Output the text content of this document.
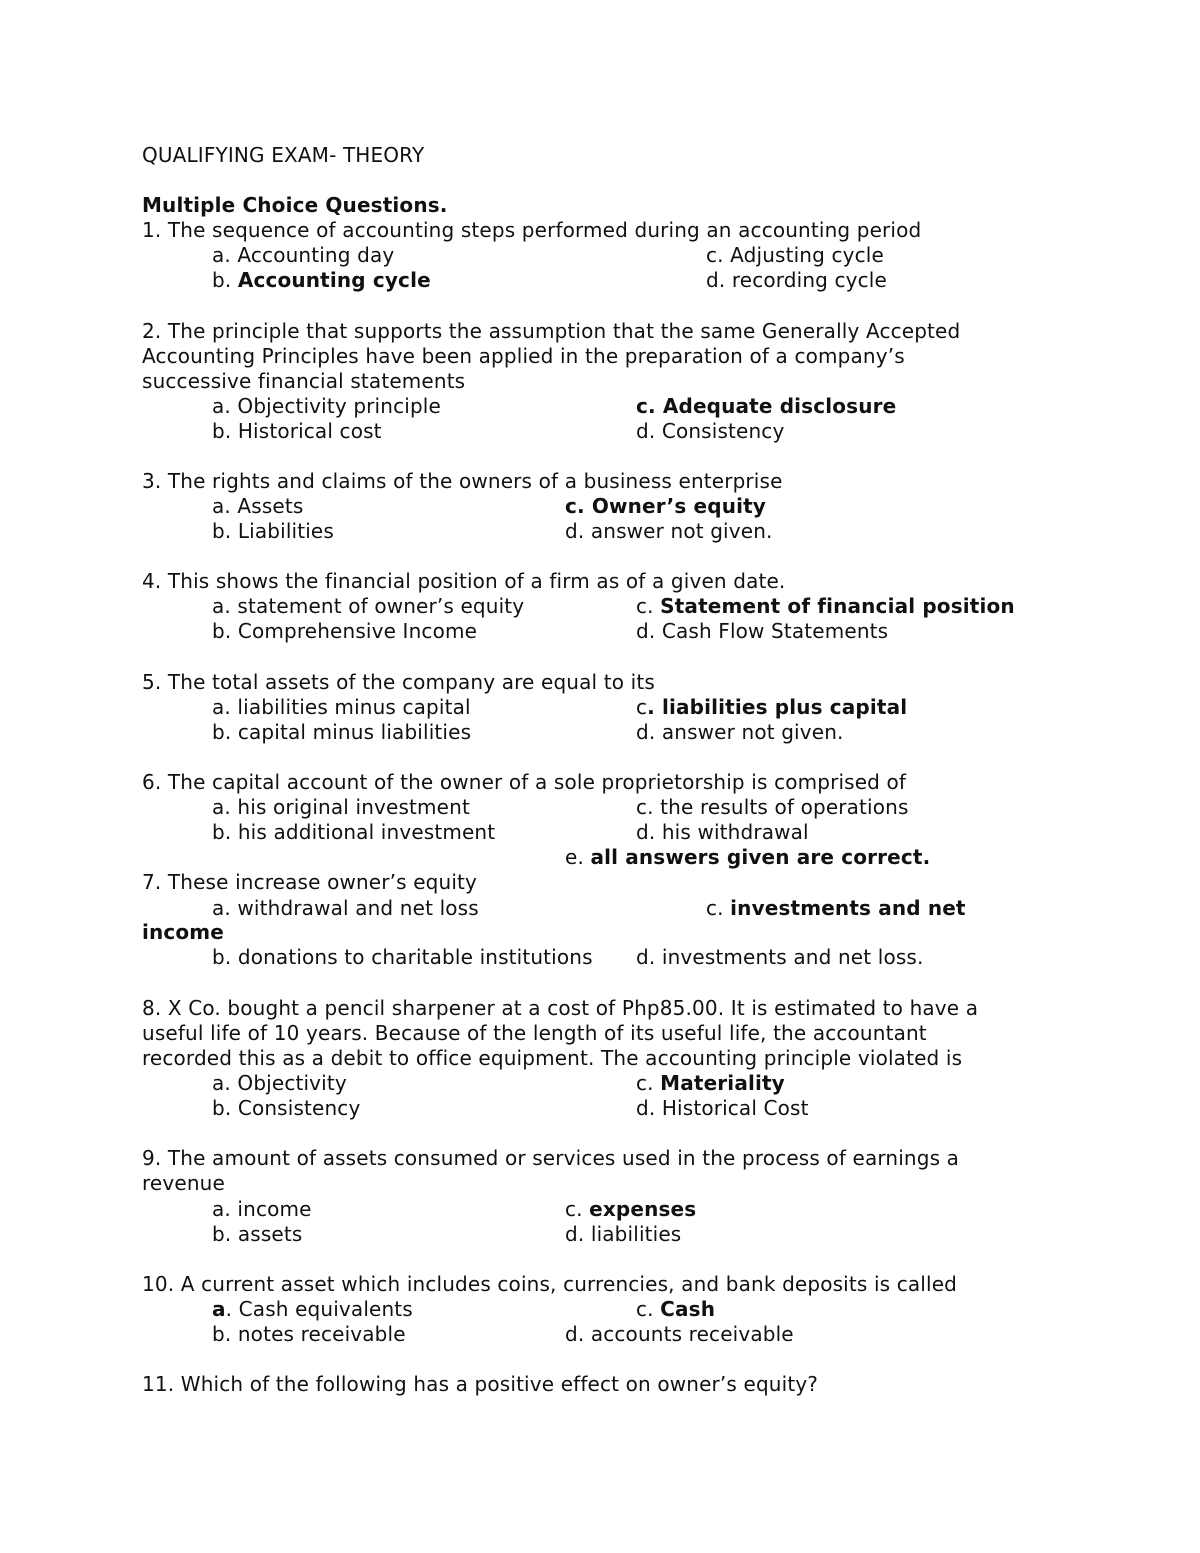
QUALIFYING EXAM- THEORY

Multiple Choice Questions.

1. The sequence of accounting steps performed during an accounting period

a. Accounting day	c. Adjusting cycle

b. Accounting cycle	d. recording cycle

2. The principle that supports the assumption that the same Generally Accepted

Accounting Principles have been applied in the preparation of a company’s

successive financial statements

a. Objectivity principle	c. Adequate disclosure

b. Historical cost	d. Consistency

3. The rights and claims of the owners of a business enterprise

a. Assets	c. Owner’s equity

b. Liabilities	d. answer not given.

4. This shows the financial position of a firm as of a given date.

a. statement of owner’s equity	c. Statement of financial position

b. Comprehensive Income	d. Cash Flow Statements

5. The total assets of the company are equal to its

a. liabilities minus capital	c. liabilities plus capital

b. capital minus liabilities	d. answer not given.

6. The capital account of the owner of a sole proprietorship is comprised of

a. his original investment	c. the results of operations

b. his additional investment	d. his withdrawal

e. all answers given are correct.

7. These increase owner’s equity

a. withdrawal and net loss	c. investments and net

income

b. donations to charitable institutions d. investments and net loss.

8. X Co. bought a pencil sharpener at a cost of Php85.00. It is estimated to have a

useful life of 10 years. Because of the length of its useful life, the accountant

recorded this as a debit to office equipment. The accounting principle violated is

a. Objectivity	c. Materiality

b. Consistency	d. Historical Cost

9. The amount of assets consumed or services used in the process of earnings a

revenue

a. income	c. expenses

b. assets	d. liabilities

10. A current asset which includes coins, currencies, and bank deposits is called

a. Cash equivalents	c. Cash

b. notes receivable	d. accounts receivable

11. Which of the following has a positive effect on owner’s equity?
